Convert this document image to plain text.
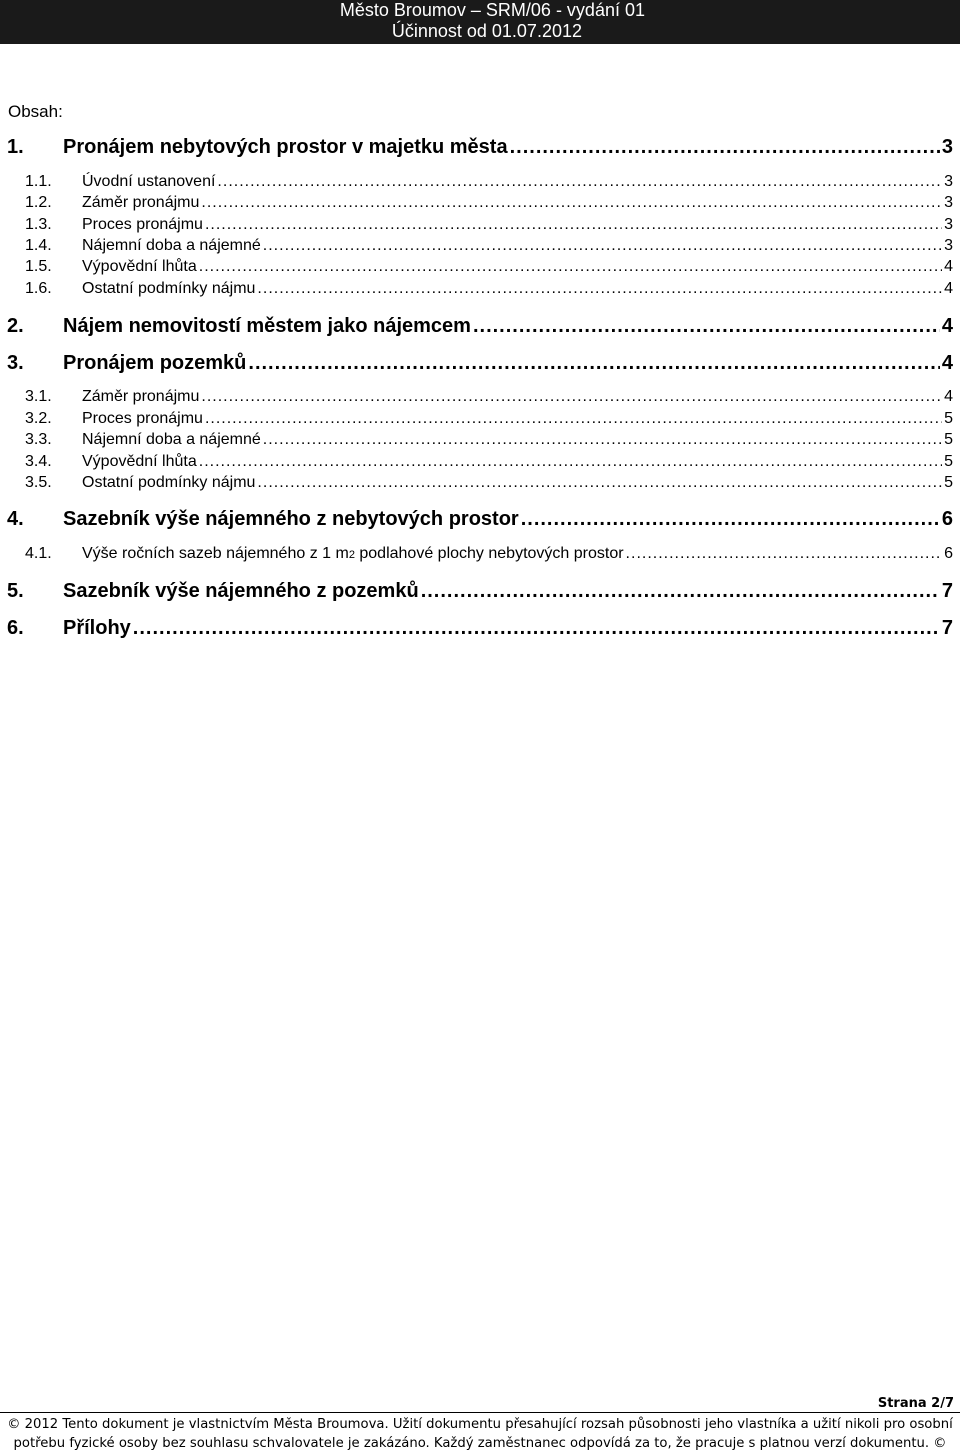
Město Broumov – SRM/06 - vydání 01
Účinnost od 01.07.2012
Obsah:
1. Pronájem nebytových prostor v majetku města .....	3
1.1. Úvodní ustanovení .....	3
1.2. Záměr pronájmu .....	3
1.3. Proces pronájmu .....	3
1.4. Nájemní doba a nájemné .....	3
1.5. Výpovědní lhůta .....	4
1.6. Ostatní podmínky nájmu .....	4
2. Nájem nemovitostí městem jako nájemcem .....	4
3. Pronájem pozemků .....	4
3.1. Záměr pronájmu .....	4
3.2. Proces pronájmu .....	5
3.3. Nájemní doba a nájemné .....	5
3.4. Výpovědní lhůta .....	5
3.5. Ostatní podmínky nájmu .....	5
4. Sazebník výše nájemného z nebytových prostor .....	6
4.1. Výše ročních sazeb nájemného z 1 m 2 podlahové plochy nebytových prostor .....	6
5. Sazebník výše nájemného z pozemků .....	7
6. Přílohy .....	7
Strana 2/7
© 2012 Tento dokument je vlastnictvím Města Broumova. Užití dokumentu přesahující rozsah působnosti jeho vlastníka a užití nikoli pro osobní
potřebu fyzické osoby bez souhlasu schvalovatele je zakázáno. Každý zaměstnanec odpovídá za to, že pracuje s platnou verzí dokumentu. ©
